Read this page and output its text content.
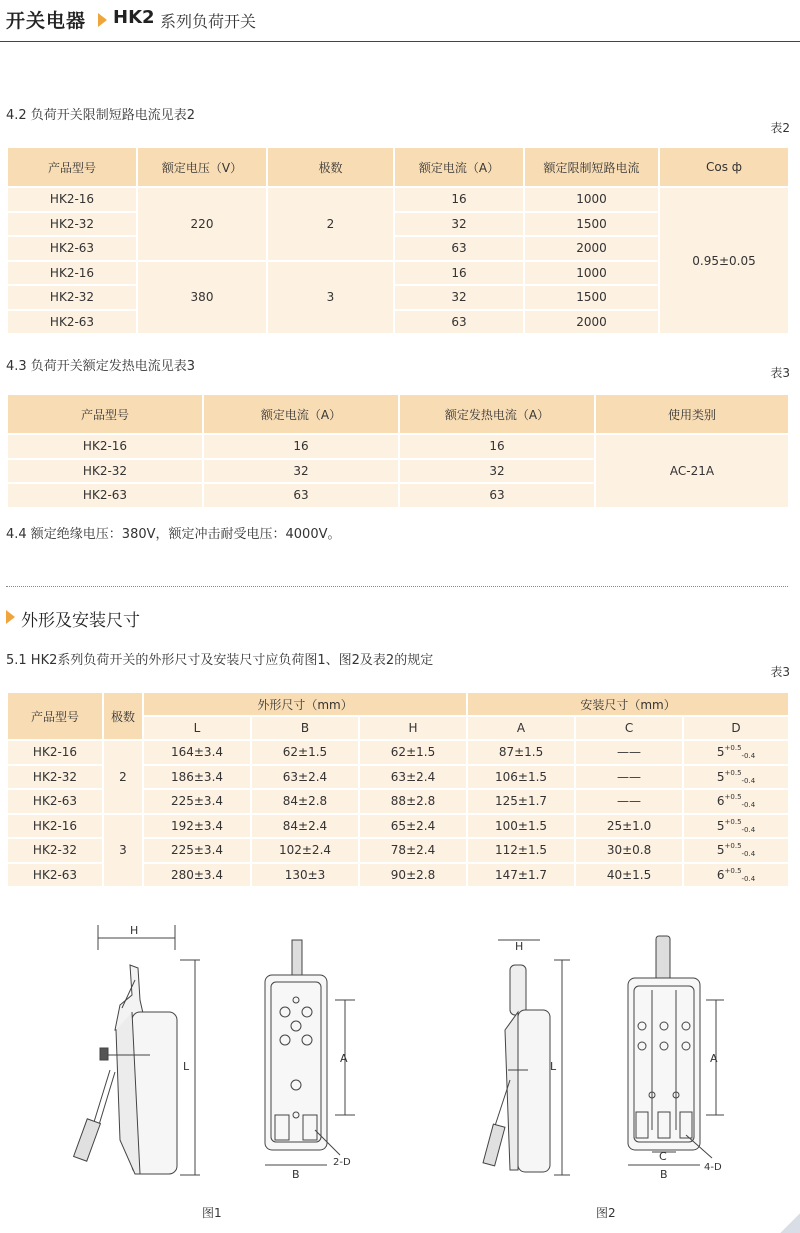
开关电器 HK2 系列负荷开关
4.2 负荷开关限制短路电流见表2
表2
产品型号	额定电压（V）	极数	额定电流（A）	额定限制短路电流	Cos ф
HK2-16	220	2	16	1000	0.95±0.05
HK2-32			32	1500	
HK2-63			63	2000	
HK2-16	380	3	16	1000	
HK2-32			32	1500	
HK2-63			63	2000	
4.3 负荷开关额定发热电流见表3	表3
产品型号	额定电流（A）	额定发热电流（A）	使用类别
HK2-16	16	16	AC-21A
HK2-32	32	32	
HK2-63	63	63	
4.4 额定绝缘电压：380V，额定冲击耐受电压：4000V。
外形及安装尺寸
5.1 HK2系列负荷开关的外形尺寸及安装尺寸应负荷图1、图2及表2的规定
表3
产品型号	极数	外形尺寸（mm）			安装尺寸（mm）		
		L	B	H	A	C	D
HK2-16	2	164±3.4	62±1.5	62±1.5	87±1.5	——	$5^{+0.5}_{-0.4}$
HK2-32		186±3.4	63±2.4	63±2.4	106±1.5	——	$5^{+0.5}_{-0.4}$
HK2-63		225±3.4	84±2.8	88±2.8	125±1.7	——	$6^{+0.5}_{-0.4}$
HK2-16	3	192±3.4	84±2.4	65±2.4	100±1.5	25±1.0	$5^{+0.5}_{-0.4}$
HK2-32		225±3.4	102±2.4	78±2.4	112±1.5	30±0.8	$5^{+0.5}_{-0.4}$
HK2-63		280±3.4	130±3	90±2.8	147±1.7	40±1.5	$6^{+0.5}_{-0.4}$
H
L
图1
A
B
2-D
H
L
图2
A
C
B
4-D
